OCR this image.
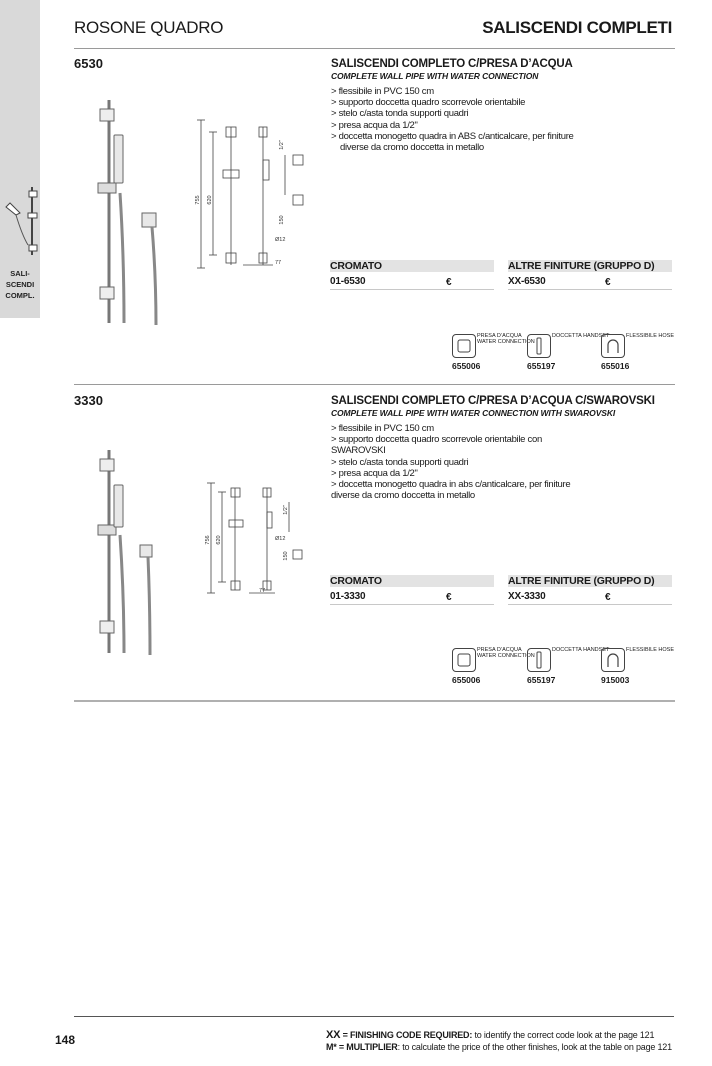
SALI-
SCENDI
COMPL.
ROSONE QUADRO	SALISCENDI COMPLETI
6530	SALISCENDI COMPLETO C/PRESA D’ACQUA
COMPLETE WALL PIPE WITH WATER CONNECTION
> flessibile in PVC 150 cm
> supporto doccetta quadro scorrevole orientabile
> stelo c/asta tonda supporti quadri
> presa acqua da 1/2"
> doccetta monogetto quadra in ABS c/anticalcare, per finiture
diverse da cromo doccetta in metallo
755 620
1/2"
150
Ø12
77	CROMATO	ALTRE FINITURE (GRUPPO D)
01-6530	€	XX-6530	€
PRESA D’ACQUA WATER CONNECTION
655006
DOCCETTA HANDSET
655197
FLESSIBILE HOSE
655016
3330	SALISCENDI COMPLETO C/PRESA D’ACQUA C/SWAROVSKI
COMPLETE WALL PIPE WITH WATER CONNECTION WITH SWAROVSKI
> flessibile in PVC 150 cm
> supporto doccetta quadro scorrevole orientabile con SWAROVSKI
> stelo c/asta tonda supporti quadri
> presa acqua da 1/2"
> doccetta monogetto quadra in abs c/anticalcare, per finiture
diverse da cromo doccetta in metallo
756 620
1/2"
150
Ø12
77
CROMATO	ALTRE FINITURE (GRUPPO D)
01-3330	€	XX-3330	€
PRESA D’ACQUA WATER CONNECTION
655006
DOCCETTA HANDSET
655197
FLESSIBILE HOSE
915003
148	XX = FINISHING CODE REQUIRED: to identify the correct code look at the page 121
M* = MULTIPLIER: to calculate the price of the other finishes, look at the table on page 121
